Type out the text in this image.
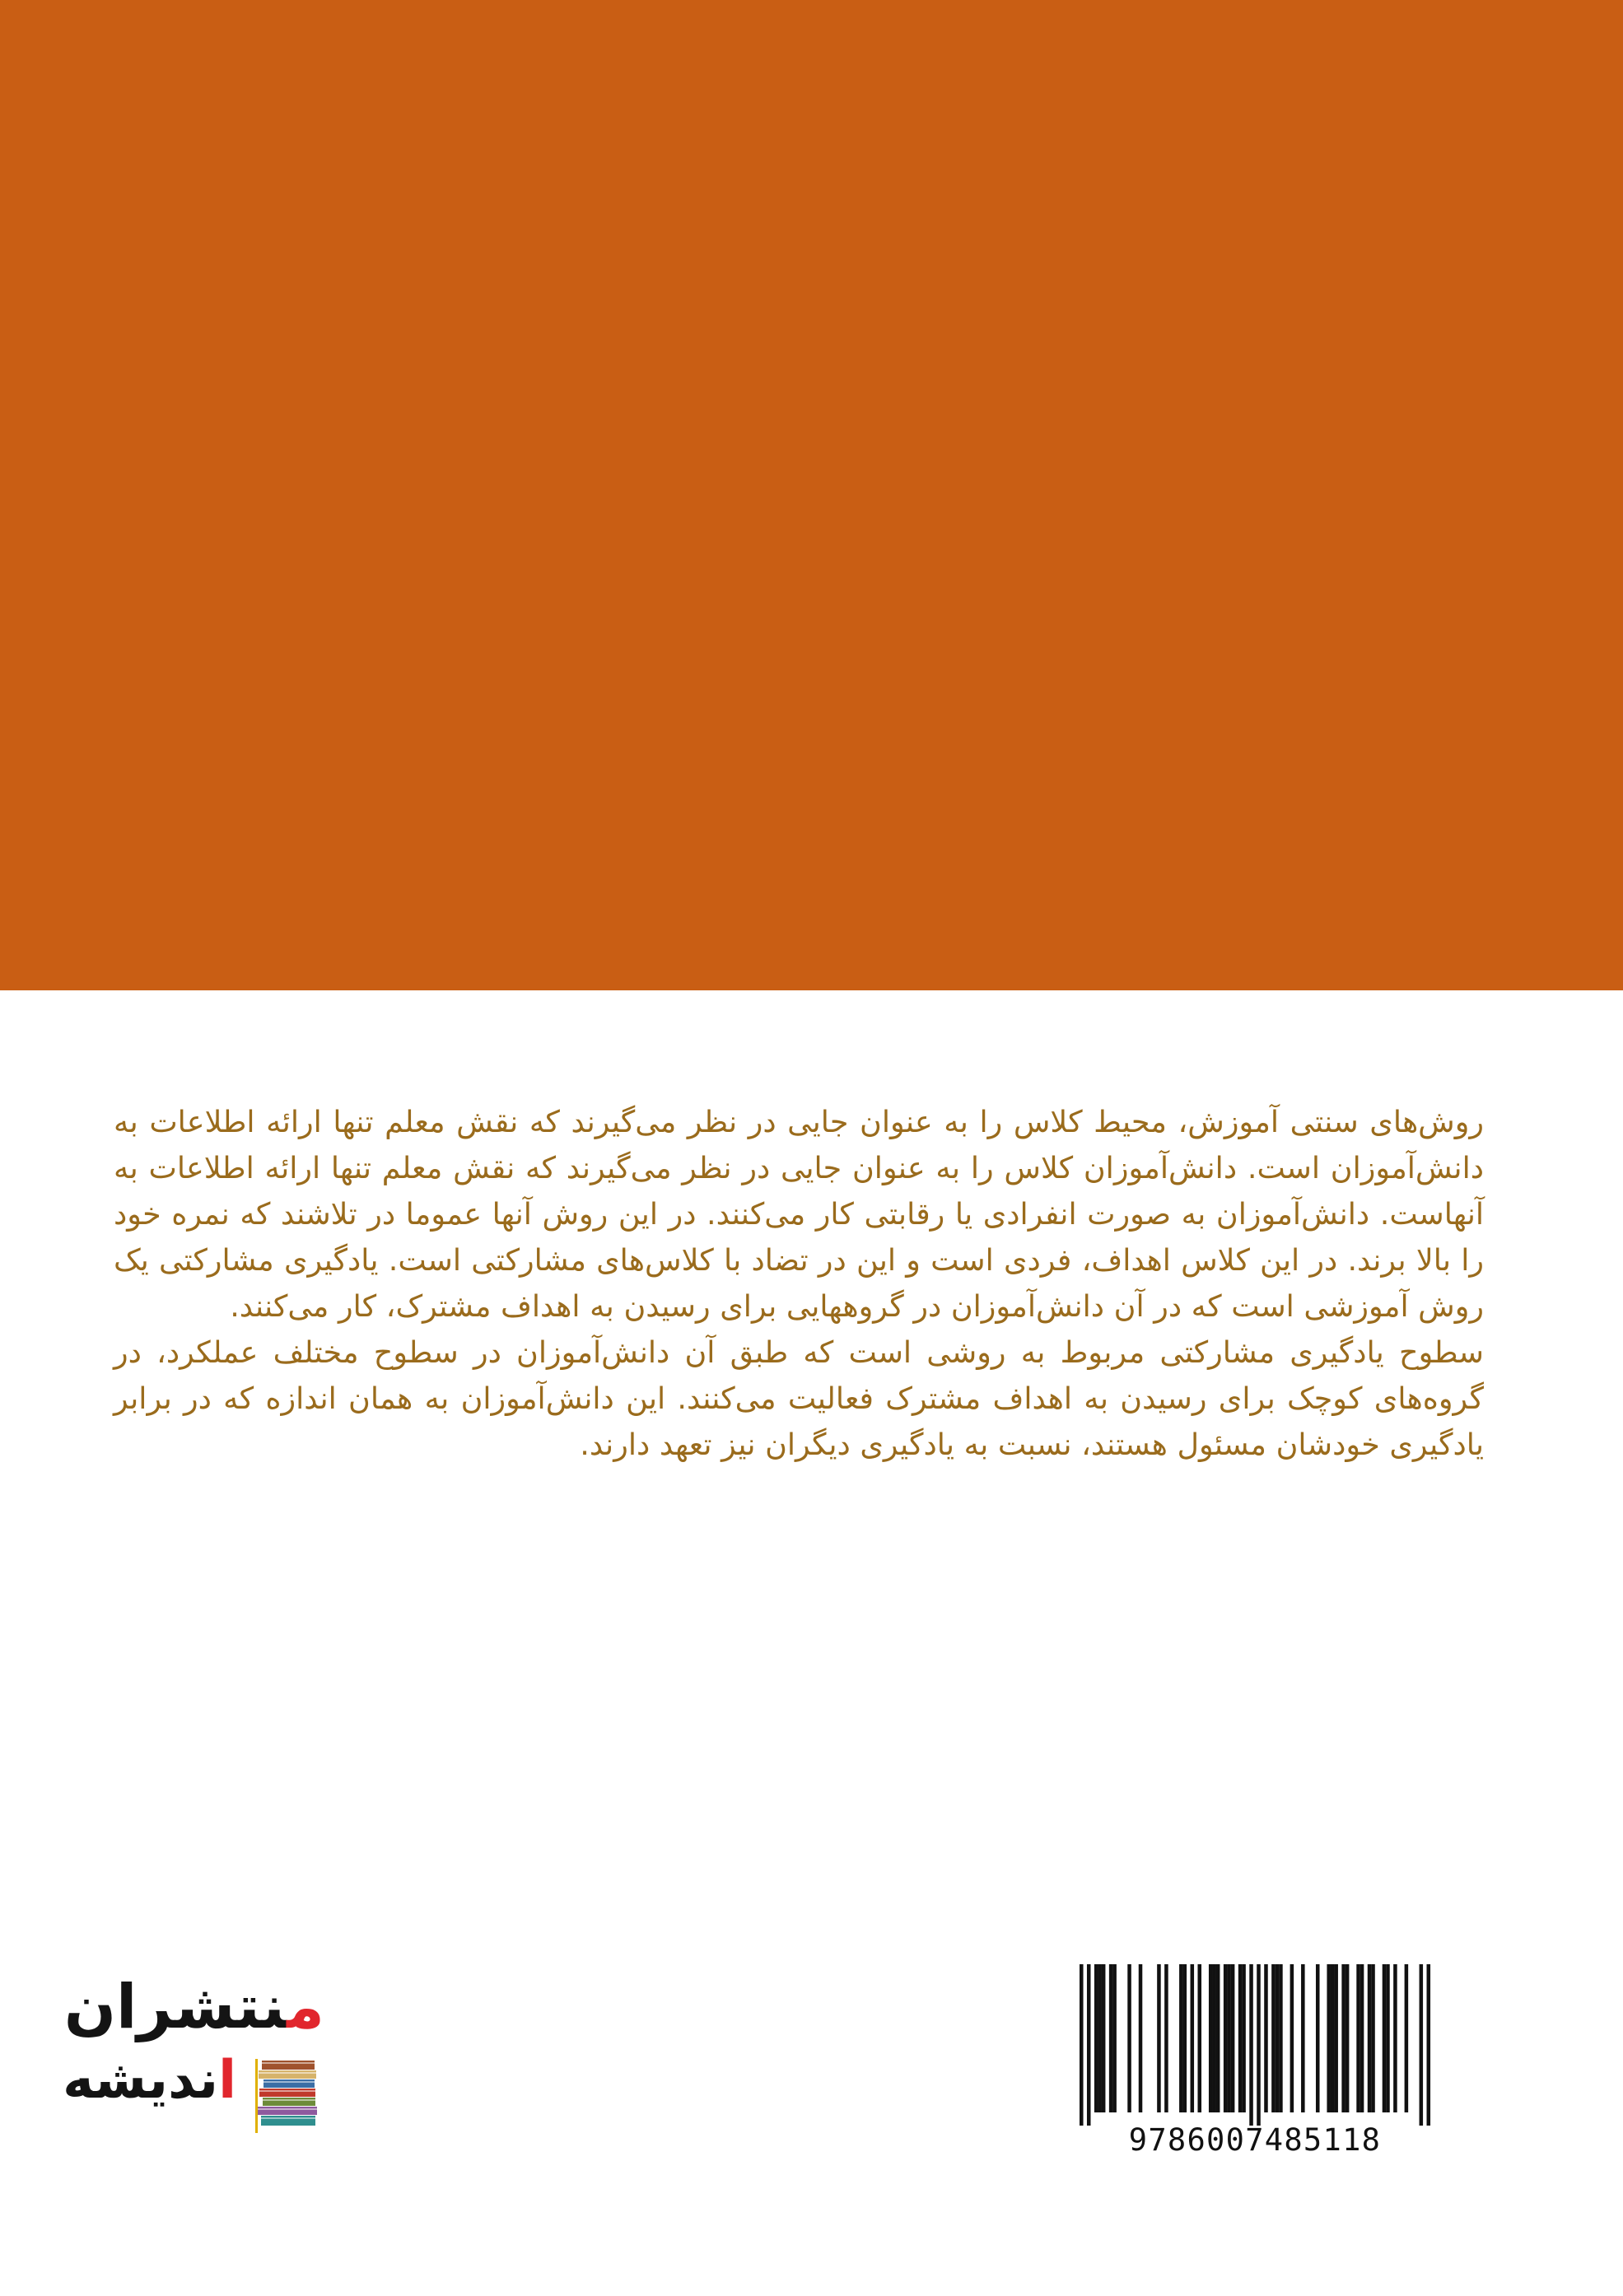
روش‌های سنتی آموزش، محیط کلاس را به عنوان جایی در نظر می‌گیرند که نقش معلم تنها ارائه اطلاعات به دانش‌آموزان است. دانش‌آموزان کلاس را به عنوان جایی در نظر می‌گیرند که نقش معلم تنها ارائه اطلاعات به آنهاست. دانش‌آموزان به صورت انفرادی یا رقابتی کار می‌کنند. در این روش آنها عموما در تلاشند که نمره خود را بالا برند. در این کلاس اهداف، فردی است و این در تضاد با کلاس‌های مشارکتی است. یادگیری مشارکتی یک روش آموزشی است که در آن دانش‌آموزان در گروههایی برای رسیدن به اهداف مشترک، کار می‌کنند.

سطوح یادگیری مشارکتی مربوط به روشی است که طبق آن دانش‌آموزان در سطوح مختلف عملکرد، در گروه‌های کوچک برای رسیدن به اهداف مشترک فعالیت می‌کنند. این دانش‌آموزان به همان اندازه که در برابر یادگیری خودشان مسئول هستند، نسبت به یادگیری دیگران نیز تعهد دارند.

منتشران
اندیشه
9786007485118
